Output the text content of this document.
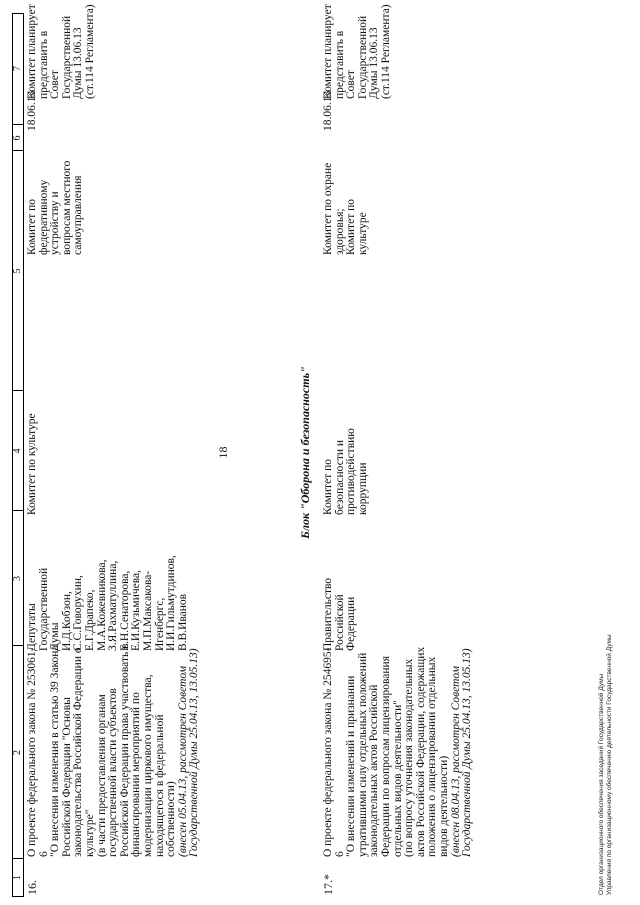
1
2
3
4
5
6
7
18
16.
О проекте федерального закона № 253061-6 "О внесении изменения в статью 39 Закона
Российской Федерации "Основы
законодательства Российской Федерации о
культуре"
(в части предоставления органам
государственной власти субъектов
Российской Федерации права участвовать в
финансировании мероприятий по
модернизации циркового имущества,
находящегося в федеральной собственности) (внесен 05.04.13, рассмотрен Советом
Государственной Думы 25.04.13, 13.05.13)
Депутаты
Государственной
Думы
И.Д.Кобзон,
С.С.Говорухин,
Е.Г.Драпеко,
М.А.Кожевникова,
З.Я.Рахматуллина,
Е.Н.Сенаторова,
Е.И.Кузьмичева,
М.П.Максакова-
Игенбергс,
И.И.Гильмутдинов,
В.В.Иванов
Комитет по культуре
Комитет по
федеративному
устройству и
вопросам местного
самоуправления
18.06.13
Комитет планирует
представить в Совет
Государственной
Думы 13.06.13
(ст.114 Регламента)
Блок "Оборона и безопасность"
17.*
О проекте федерального закона № 254695-6 "О внесении изменений и признании
утратившими силу отдельных положений
законодательных актов Российской
Федерации по вопросам лицензирования
отдельных видов деятельности"
(по вопросу уточнения законодательных
актов Российской Федерации, содержащих
положения о лицензировании отдельных
видов деятельности)
(внесен 08.04.13, рассмотрен Советом
Государственной Думы 25.04.13, 13.05.13)
Правительство
Российской
Федерации
Комитет по
безопасности и
противодействию
коррупции
Комитет по охране
здоровья;
Комитет по культуре
18.06.13
Комитет планирует
представить в Совет
Государственной
Думы 13.06.13
(ст.114 Регламента)
Отдел организационного обеспечения заседаний Государственной Думы Управления по организационному обеспечению деятельности Государственной Думы
